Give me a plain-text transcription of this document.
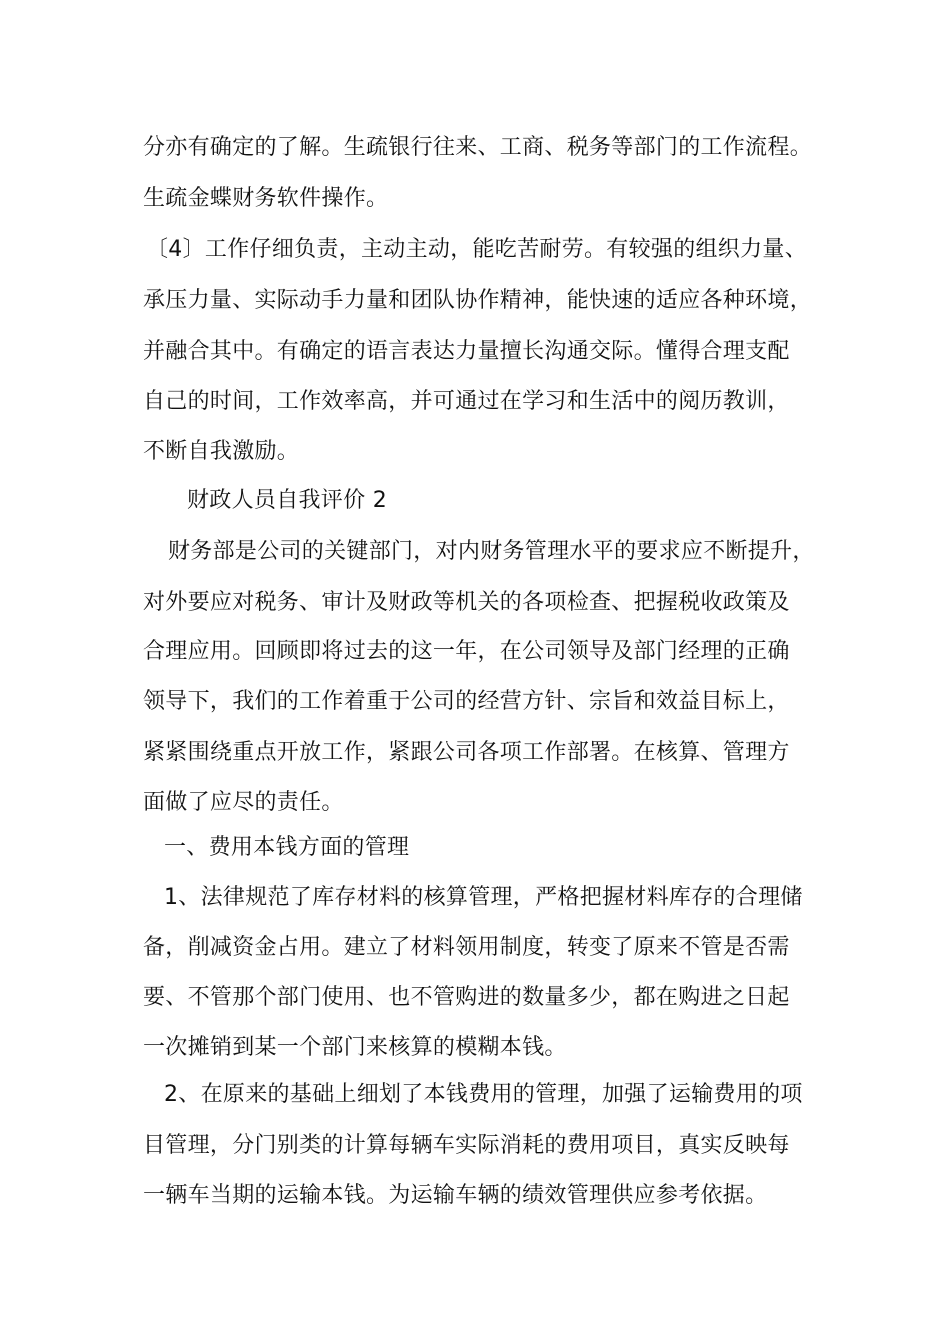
分亦有确定的了解。生疏银行往来、工商、税务等部门的工作流程。
生疏金蝶财务软件操作。
〔4〕工作仔细负责，主动主动，能吃苦耐劳。有较强的组织力量、
承压力量、实际动手力量和团队协作精神，能快速的适应各种环境，
并融合其中。有确定的语言表达力量擅长沟通交际。懂得合理支配
自己的时间，工作效率高，并可通过在学习和生活中的阅历教训，
不断自我激励。
财政人员自我评价 2
财务部是公司的关键部门，对内财务管理水平的要求应不断提升，
对外要应对税务、审计及财政等机关的各项检查、把握税收政策及
合理应用。回顾即将过去的这一年，在公司领导及部门经理的正确
领导下，我们的工作着重于公司的经营方针、宗旨和效益目标上，
紧紧围绕重点开放工作，紧跟公司各项工作部署。在核算、管理方
面做了应尽的责任。
一、费用本钱方面的管理
1、法律规范了库存材料的核算管理，严格把握材料库存的合理储
备，削减资金占用。建立了材料领用制度，转变了原来不管是否需
要、不管那个部门使用、也不管购进的数量多少，都在购进之日起
一次摊销到某一个部门来核算的模糊本钱。
2、在原来的基础上细划了本钱费用的管理，加强了运输费用的项
目管理，分门别类的计算每辆车实际消耗的费用项目，真实反映每
一辆车当期的运输本钱。为运输车辆的绩效管理供应参考依据。
